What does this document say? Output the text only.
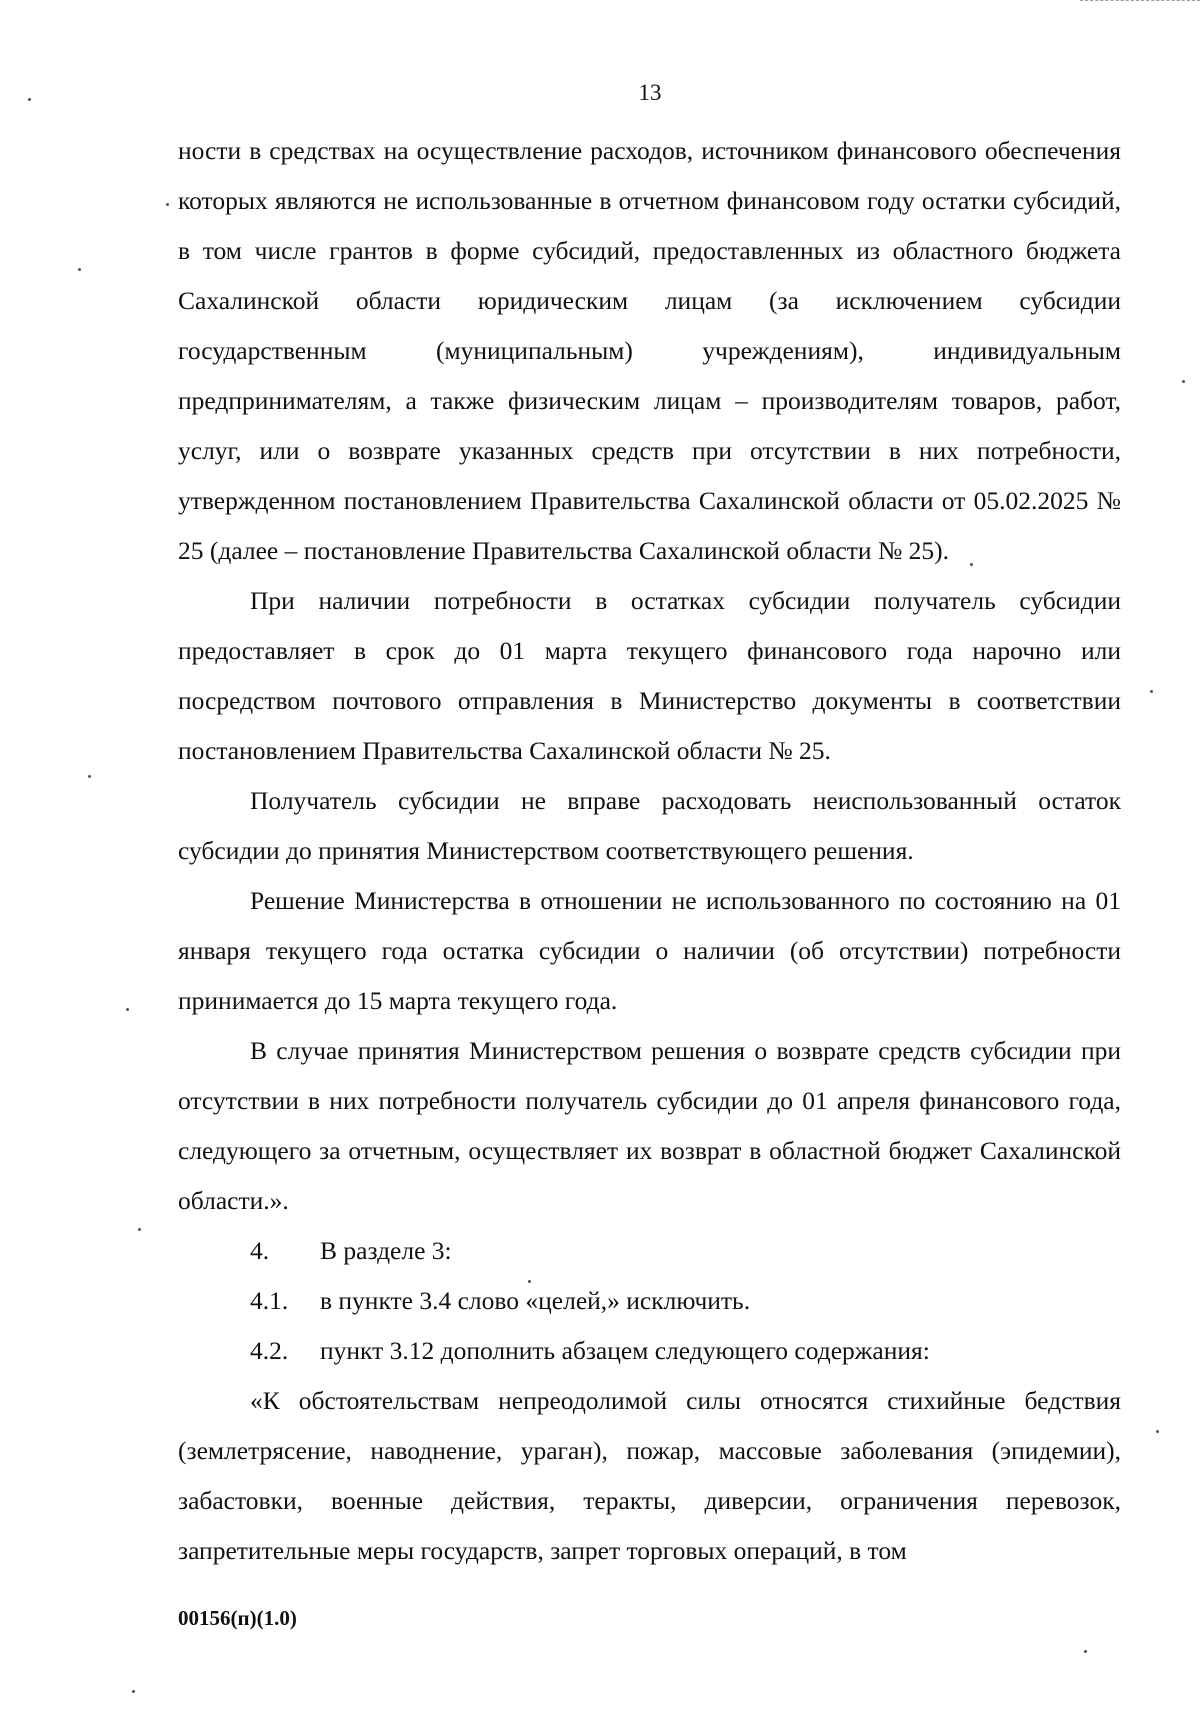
13

ности в средствах на осуществление расходов, источником финансового обеспечения которых являются не использованные в отчетном финансовом году остатки субсидий, в том числе грантов в форме субсидий, предоставленных из областного бюджета Сахалинской области юридическим лицам (за исключением субсидии государственным (муниципальным) учреждениям), индивидуальным предпринимателям, а также физическим лицам – производителям товаров, работ, услуг, или о возврате указанных средств при отсутствии в них потребности, утвержденном постановлением Правительства Сахалинской области от 05.02.2025 № 25 (далее – постановление Правительства Сахалинской области № 25).

При наличии потребности в остатках субсидии получатель субсидии предоставляет в срок до 01 марта текущего финансового года нарочно или посредством почтового отправления в Министерство документы в соответствии постановлением Правительства Сахалинской области № 25.

Получатель субсидии не вправе расходовать неиспользованный остаток субсидии до принятия Министерством соответствующего решения.

Решение Министерства в отношении не использованного по состоянию на 01 января текущего года остатка субсидии о наличии (об отсутствии) потребности принимается до 15 марта текущего года.

В случае принятия Министерством решения о возврате средств субсидии при отсутствии в них потребности получатель субсидии до 01 апреля финансового года, следующего за отчетным, осуществляет их возврат в областной бюджет Сахалинской области.».

4. В разделе 3:

4.1. в пункте 3.4 слово «целей,» исключить.

4.2. пункт 3.12 дополнить абзацем следующего содержания:

«К обстоятельствам непреодолимой силы относятся стихийные бедствия (землетрясение, наводнение, ураган), пожар, массовые заболевания (эпидемии), забастовки, военные действия, теракты, диверсии, ограничения перевозок, запретительные меры государств, запрет торговых операций, в том

00156(п)(1.0)
